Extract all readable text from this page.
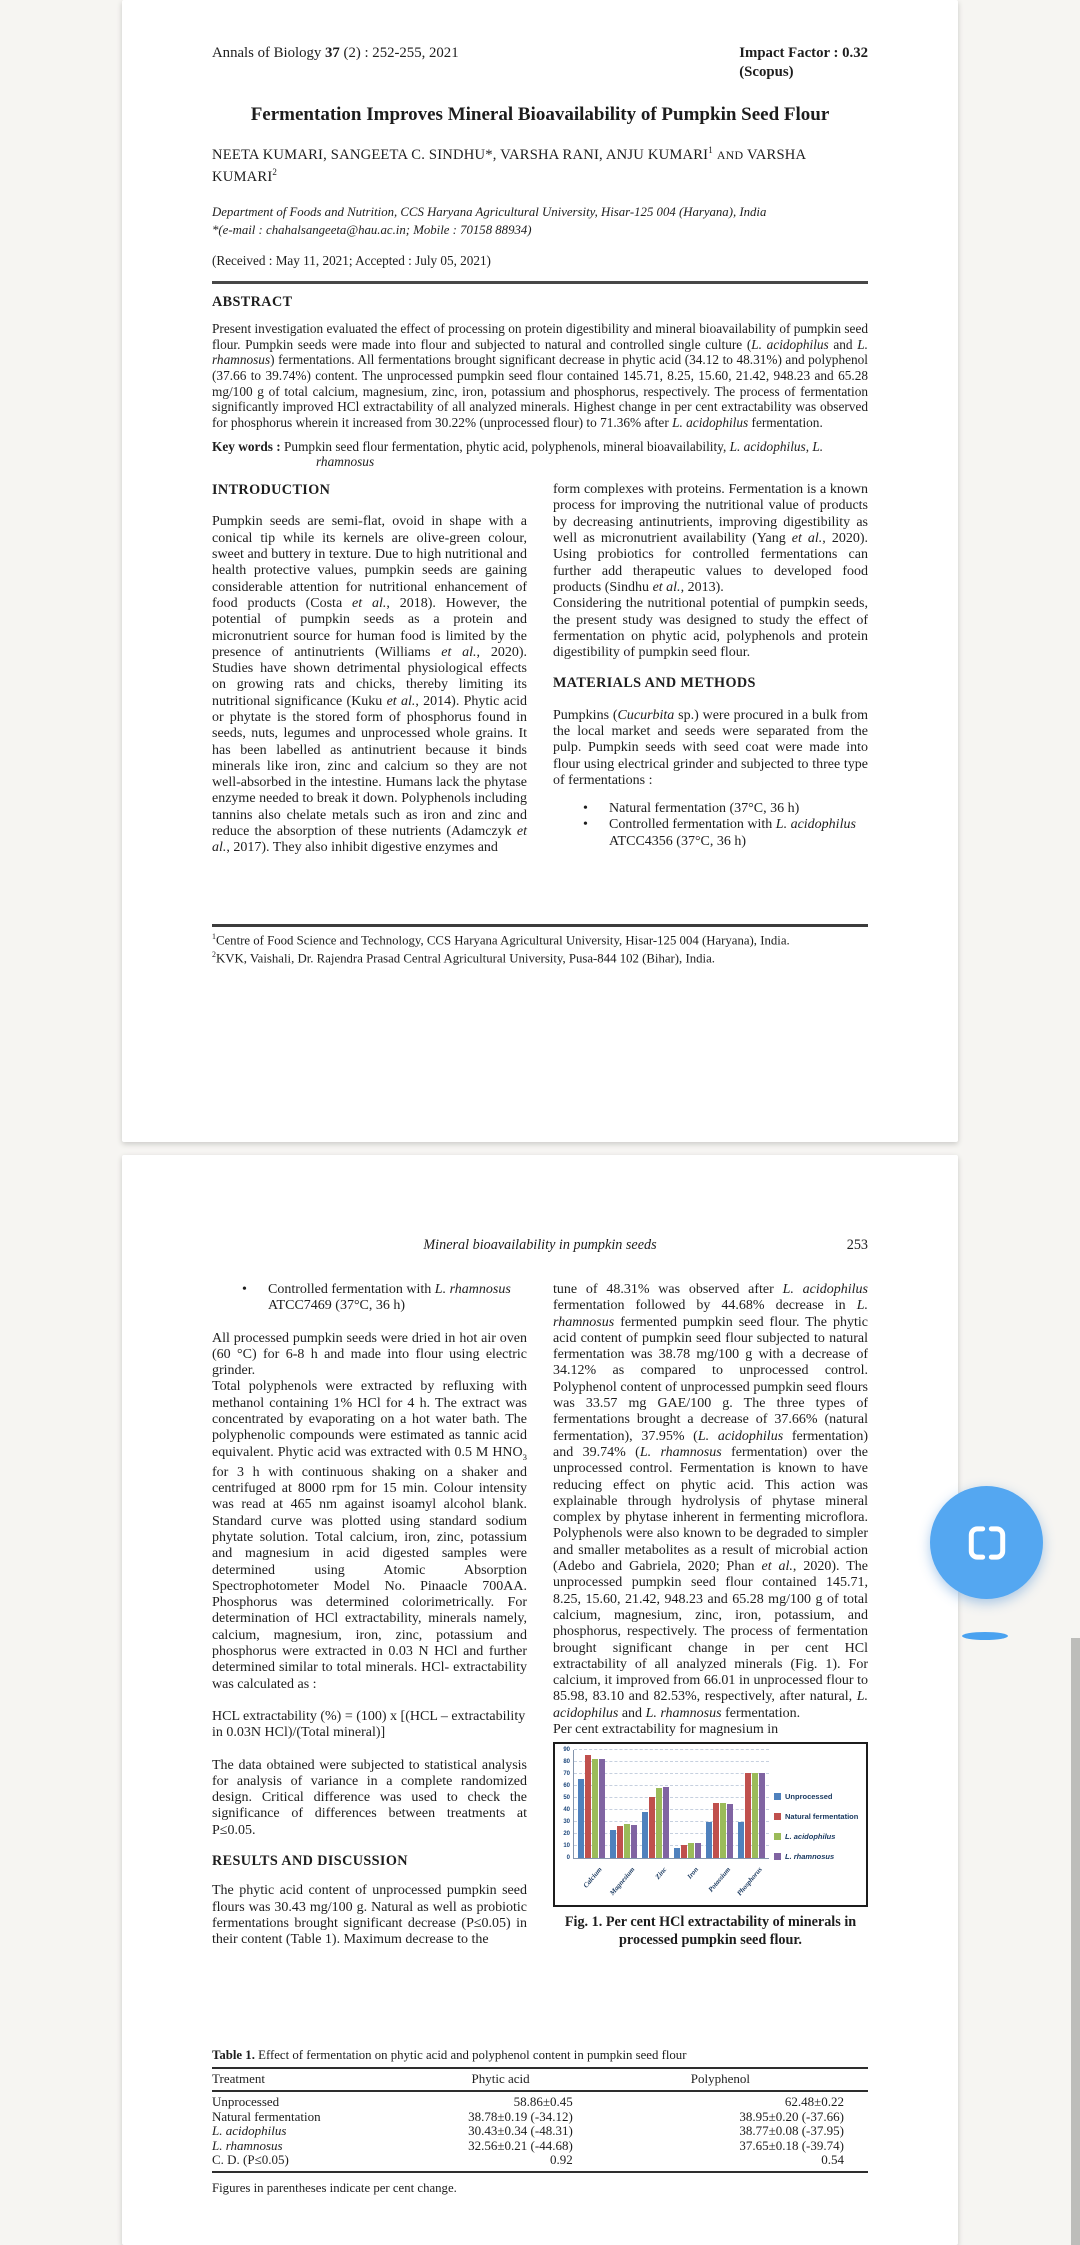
Annals of Biology 37 (2) : 252-255, 2021	Impact Factor : 0.32
(Scopus)
Fermentation Improves Mineral Bioavailability of Pumpkin Seed Flour
NEETA KUMARI, SANGEETA C. SINDHU*, VARSHA RANI, ANJU KUMARI$^1$ AND VARSHA KUMARI$^2$
Department of Foods and Nutrition, CCS Haryana Agricultural University, Hisar-125 004 (Haryana), India
*(e-mail : chahalsangeeta@hau.ac.in; Mobile : 70158 88934)
(Received : May 11, 2021; Accepted : July 05, 2021)
ABSTRACT
Present investigation evaluated the effect of processing on protein digestibility and mineral bioavailability of pumpkin seed flour. Pumpkin seeds were made into flour and subjected to natural and controlled single culture (L. acidophilus and L. rhamnosus) fermentations. All fermentations brought significant decrease in phytic acid (34.12 to 48.31%) and polyphenol (37.66 to 39.74%) content. The unprocessed pumpkin seed flour contained 145.71, 8.25, 15.60, 21.42, 948.23 and 65.28 mg/100 g of total calcium, magnesium, zinc, iron, potassium and phosphorus, respectively. The process of fermentation significantly improved HCl extractability of all analyzed minerals. Highest change in per cent extractability was observed for phosphorus wherein it increased from 30.22% (unprocessed flour) to 71.36% after L. acidophilus fermentation.
Key words : Pumpkin seed flour fermentation, phytic acid, polyphenols, mineral bioavailability, L. acidophilus, L. rhamnosus
INTRODUCTION

Pumpkin seeds are semi-flat, ovoid in shape with a conical tip while its kernels are olive-green colour, sweet and buttery in texture. Due to high nutritional and health protective values, pumpkin seeds are gaining considerable attention for nutritional enhancement of food products (Costa et al., 2018). However, the potential of pumpkin seeds as a protein and micronutrient source for human food is limited by the presence of antinutrients (Williams et al., 2020). Studies have shown detrimental physiological effects on growing rats and chicks, thereby limiting its nutritional significance (Kuku et al., 2014). Phytic acid or phytate is the stored form of phosphorus found in seeds, nuts, legumes and unprocessed whole grains. It has been labelled as antinutrient because it binds minerals like iron, zinc and calcium so they are not well-absorbed in the intestine. Humans lack the phytase enzyme needed to break it down. Polyphenols including tannins also chelate metals such as iron and zinc and reduce the absorption of these nutrients (Adamczyk et al., 2017). They also inhibit digestive enzymes and

form complexes with proteins. Fermentation is a known process for improving the nutritional value of products by decreasing antinutrients, improving digestibility as well as micronutrient availability (Yang et al., 2020). Using probiotics for controlled fermentations can further add therapeutic values to developed food products (Sindhu et al., 2013).

Considering the nutritional potential of pumpkin seeds, the present study was designed to study the effect of fermentation on phytic acid, polyphenols and protein digestibility of pumpkin seed flour.

MATERIALS AND METHODS

Pumpkins (Cucurbita sp.) were procured in a bulk from the local market and seeds were separated from the pulp. Pumpkin seeds with seed coat were made into flour using electrical grinder and subjected to three type of fermentations :

•	Natural fermentation (37°C, 36 h)
•	Controlled fermentation with L. acidophilus ATCC4356 (37°C, 36 h)
$^1$Centre of Food Science and Technology, CCS Haryana Agricultural University, Hisar-125 004 (Haryana), India.
$^2$KVK, Vaishali, Dr. Rajendra Prasad Central Agricultural University, Pusa-844 102 (Bihar), India.
Mineral bioavailability in pumpkin seeds	253
•	Controlled fermentation with L. rhamnosus ATCC7469 (37°C, 36 h)

All processed pumpkin seeds were dried in hot air oven (60 °C) for 6-8 h and made into flour using electric grinder.

Total polyphenols were extracted by refluxing with methanol containing 1% HCl for 4 h. The extract was concentrated by evaporating on a hot water bath. The polyphenolic compounds were estimated as tannic acid equivalent. Phytic acid was extracted with 0.5 M $HNO_3$ for 3 h with continuous shaking on a shaker and centrifuged at 8000 rpm for 15 min. Colour intensity was read at 465 nm against isoamyl alcohol blank. Standard curve was plotted using standard sodium phytate solution. Total calcium, iron, zinc, potassium and magnesium in acid digested samples were determined using Atomic Absorption Spectrophotometer Model No. Pinaacle 700AA. Phosphorus was determined colorimetrically. For determination of HCl extractability, minerals namely, calcium, magnesium, iron, zinc, potassium and phosphorus were extracted in 0.03 N HCl and further determined similar to total minerals. HCl- extractability was calculated as :

HCL extractability (%) = (100) x [(HCL – extractability in 0.03N HCl)/(Total mineral)]

The data obtained were subjected to statistical analysis for analysis of variance in a complete randomized design. Critical difference was used to check the significance of differences between treatments at P≤0.05.

RESULTS AND DISCUSSION

The phytic acid content of unprocessed pumpkin seed flours was 30.43 mg/100 g. Natural as well as probiotic fermentations brought significant decrease (P≤0.05) in their content (Table 1). Maximum decrease to the

tune of 48.31% was observed after L. acidophilus fermentation followed by 44.68% decrease in L. rhamnosus fermented pumpkin seed flour. The phytic acid content of pumpkin seed flour subjected to natural fermentation was 38.78 mg/100 g with a decrease of 34.12% as compared to unprocessed control. Polyphenol content of unprocessed pumpkin seed flours was 33.57 mg GAE/100 g. The three types of fermentations brought a decrease of 37.66% (natural fermentation), 37.95% (L. acidophilus fermentation) and 39.74% (L. rhamnosus fermentation) over the unprocessed control. Fermentation is known to have reducing effect on phytic acid. This action was explainable through hydrolysis of phytase mineral complex by phytase inherent in fermenting microflora. Polyphenols were also known to be degraded to simpler and smaller metabolites as a result of microbial action (Adebo and Gabriela, 2020; Phan et al., 2020). The unprocessed pumpkin seed flour contained 145.71, 8.25, 15.60, 21.42, 948.23 and 65.28 mg/100 g of total calcium, magnesium, zinc, iron, potassium, and phosphorus, respectively. The process of fermentation brought significant change in per cent HCl extractability of all analyzed minerals (Fig. 1). For calcium, it improved from 66.01 in unprocessed flour to 85.98, 83.10 and 82.53%, respectively, after natural, L. acidophilus and L. rhamnosus fermentation.

Per cent extractability for magnesium in

0
10
20
30
40
50
60
70
80
90
Calcium Magnesium	Zinc	Iron Potassium Phosphorus
Unprocessed
Natural fermentation
L. acidophilus
L. rhamnosus
Fig. 1. Per cent HCl extractability of minerals in processed pumpkin seed flour.
Table 1. Effect of fermentation on phytic acid and polyphenol content in pumpkin seed flour
Treatment	Phytic acid	Polyphenol
Unprocessed	58.86±0.45	62.48±0.22
Natural fermentation	38.78±0.19 (-34.12)	38.95±0.20 (-37.66)
L. acidophilus	30.43±0.34 (-48.31)	38.77±0.08 (-37.95)
L. rhamnosus	32.56±0.21 (-44.68)	37.65±0.18 (-39.74)
C. D. (P≤0.05)	0.92	0.54
Figures in parentheses indicate per cent change.
